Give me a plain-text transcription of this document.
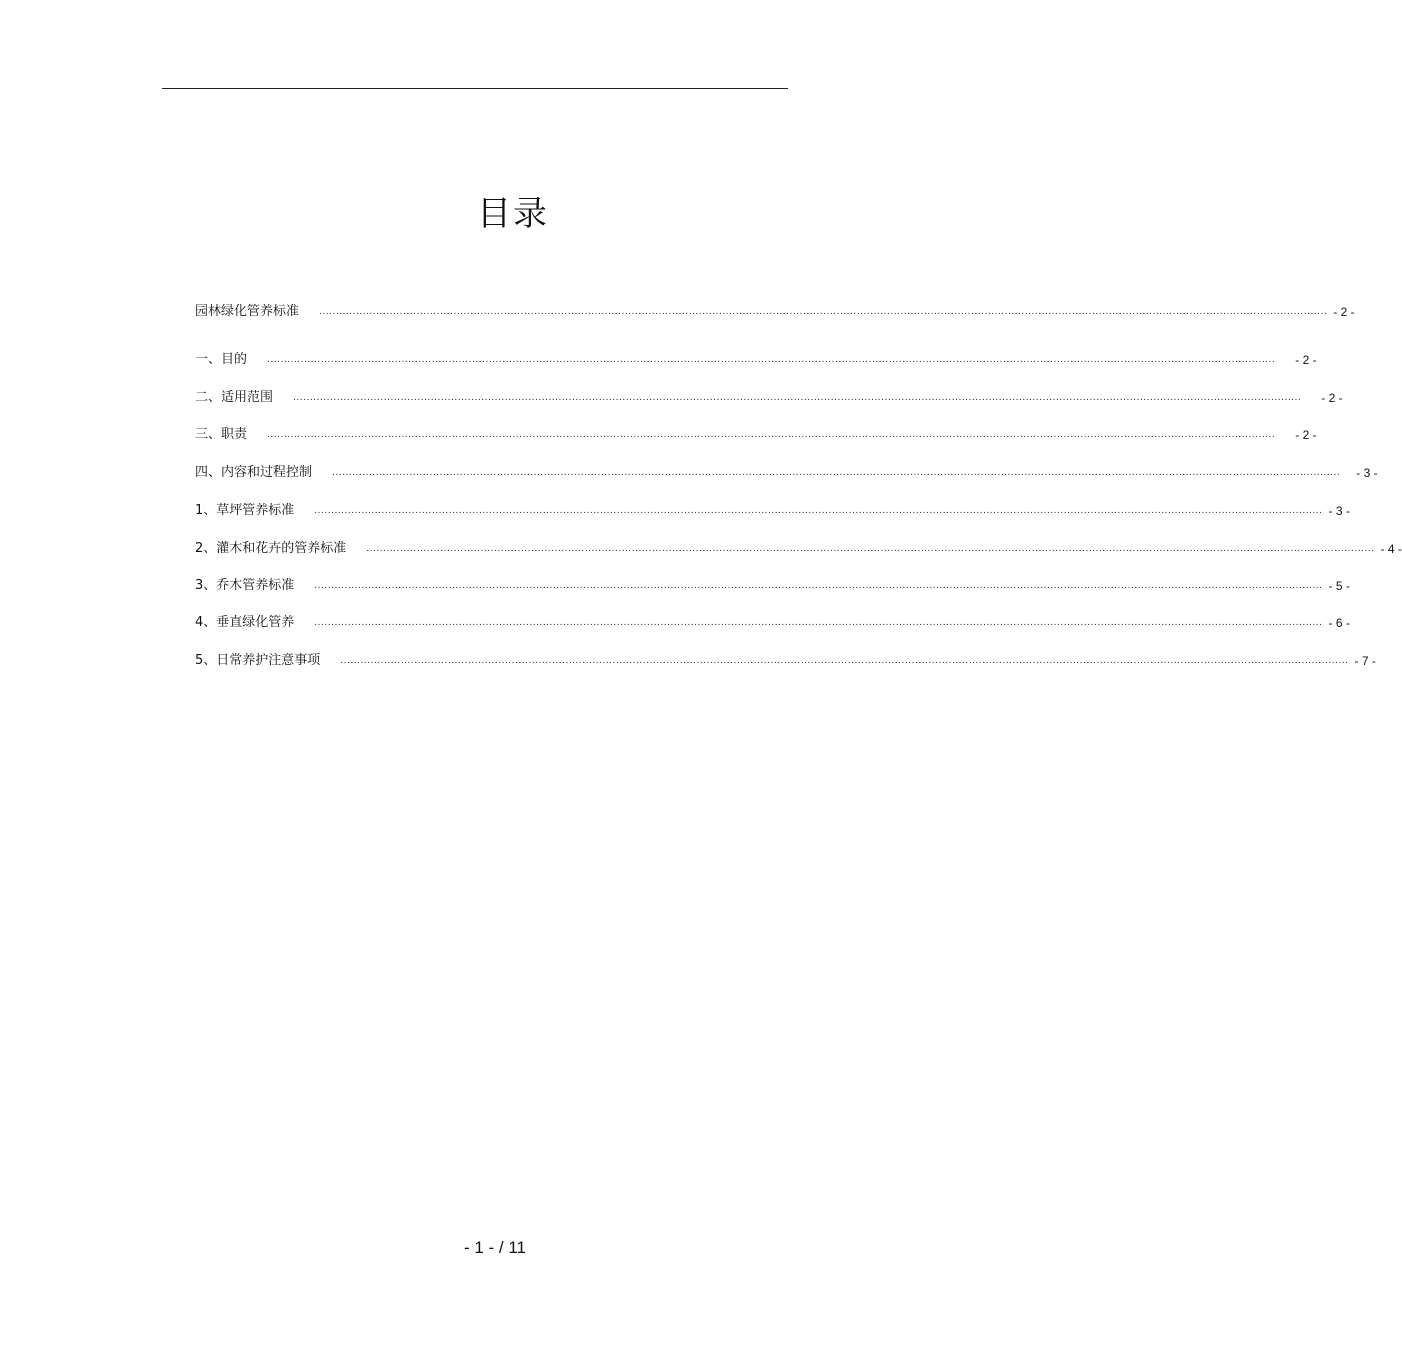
目录
园林绿化管养标准	............................................................................................................................................................................................................................................................................................................ - 2 -
一、目的	............................................................................................................................................................................................................................................................................................................	- 2 -
二、适用范围	............................................................................................................................................................................................................................................................................................................	- 2 -
三、职责	............................................................................................................................................................................................................................................................................................................	- 2 -
四、内容和过程控制	............................................................................................................................................................................................................................................................................................................	- 3 -
1、草坪管养标准	............................................................................................................................................................................................................................................................................................................ - 3 -
2、灌木和花卉的管养标准	............................................................................................................................................................................................................................................................................................................ - 4 -
3、乔木管养标准	............................................................................................................................................................................................................................................................................................................ - 5 -
4、垂直绿化管养	............................................................................................................................................................................................................................................................................................................ - 6 -
5、日常养护注意事项	............................................................................................................................................................................................................................................................................................................ - 7 -
- 1 - / 11
